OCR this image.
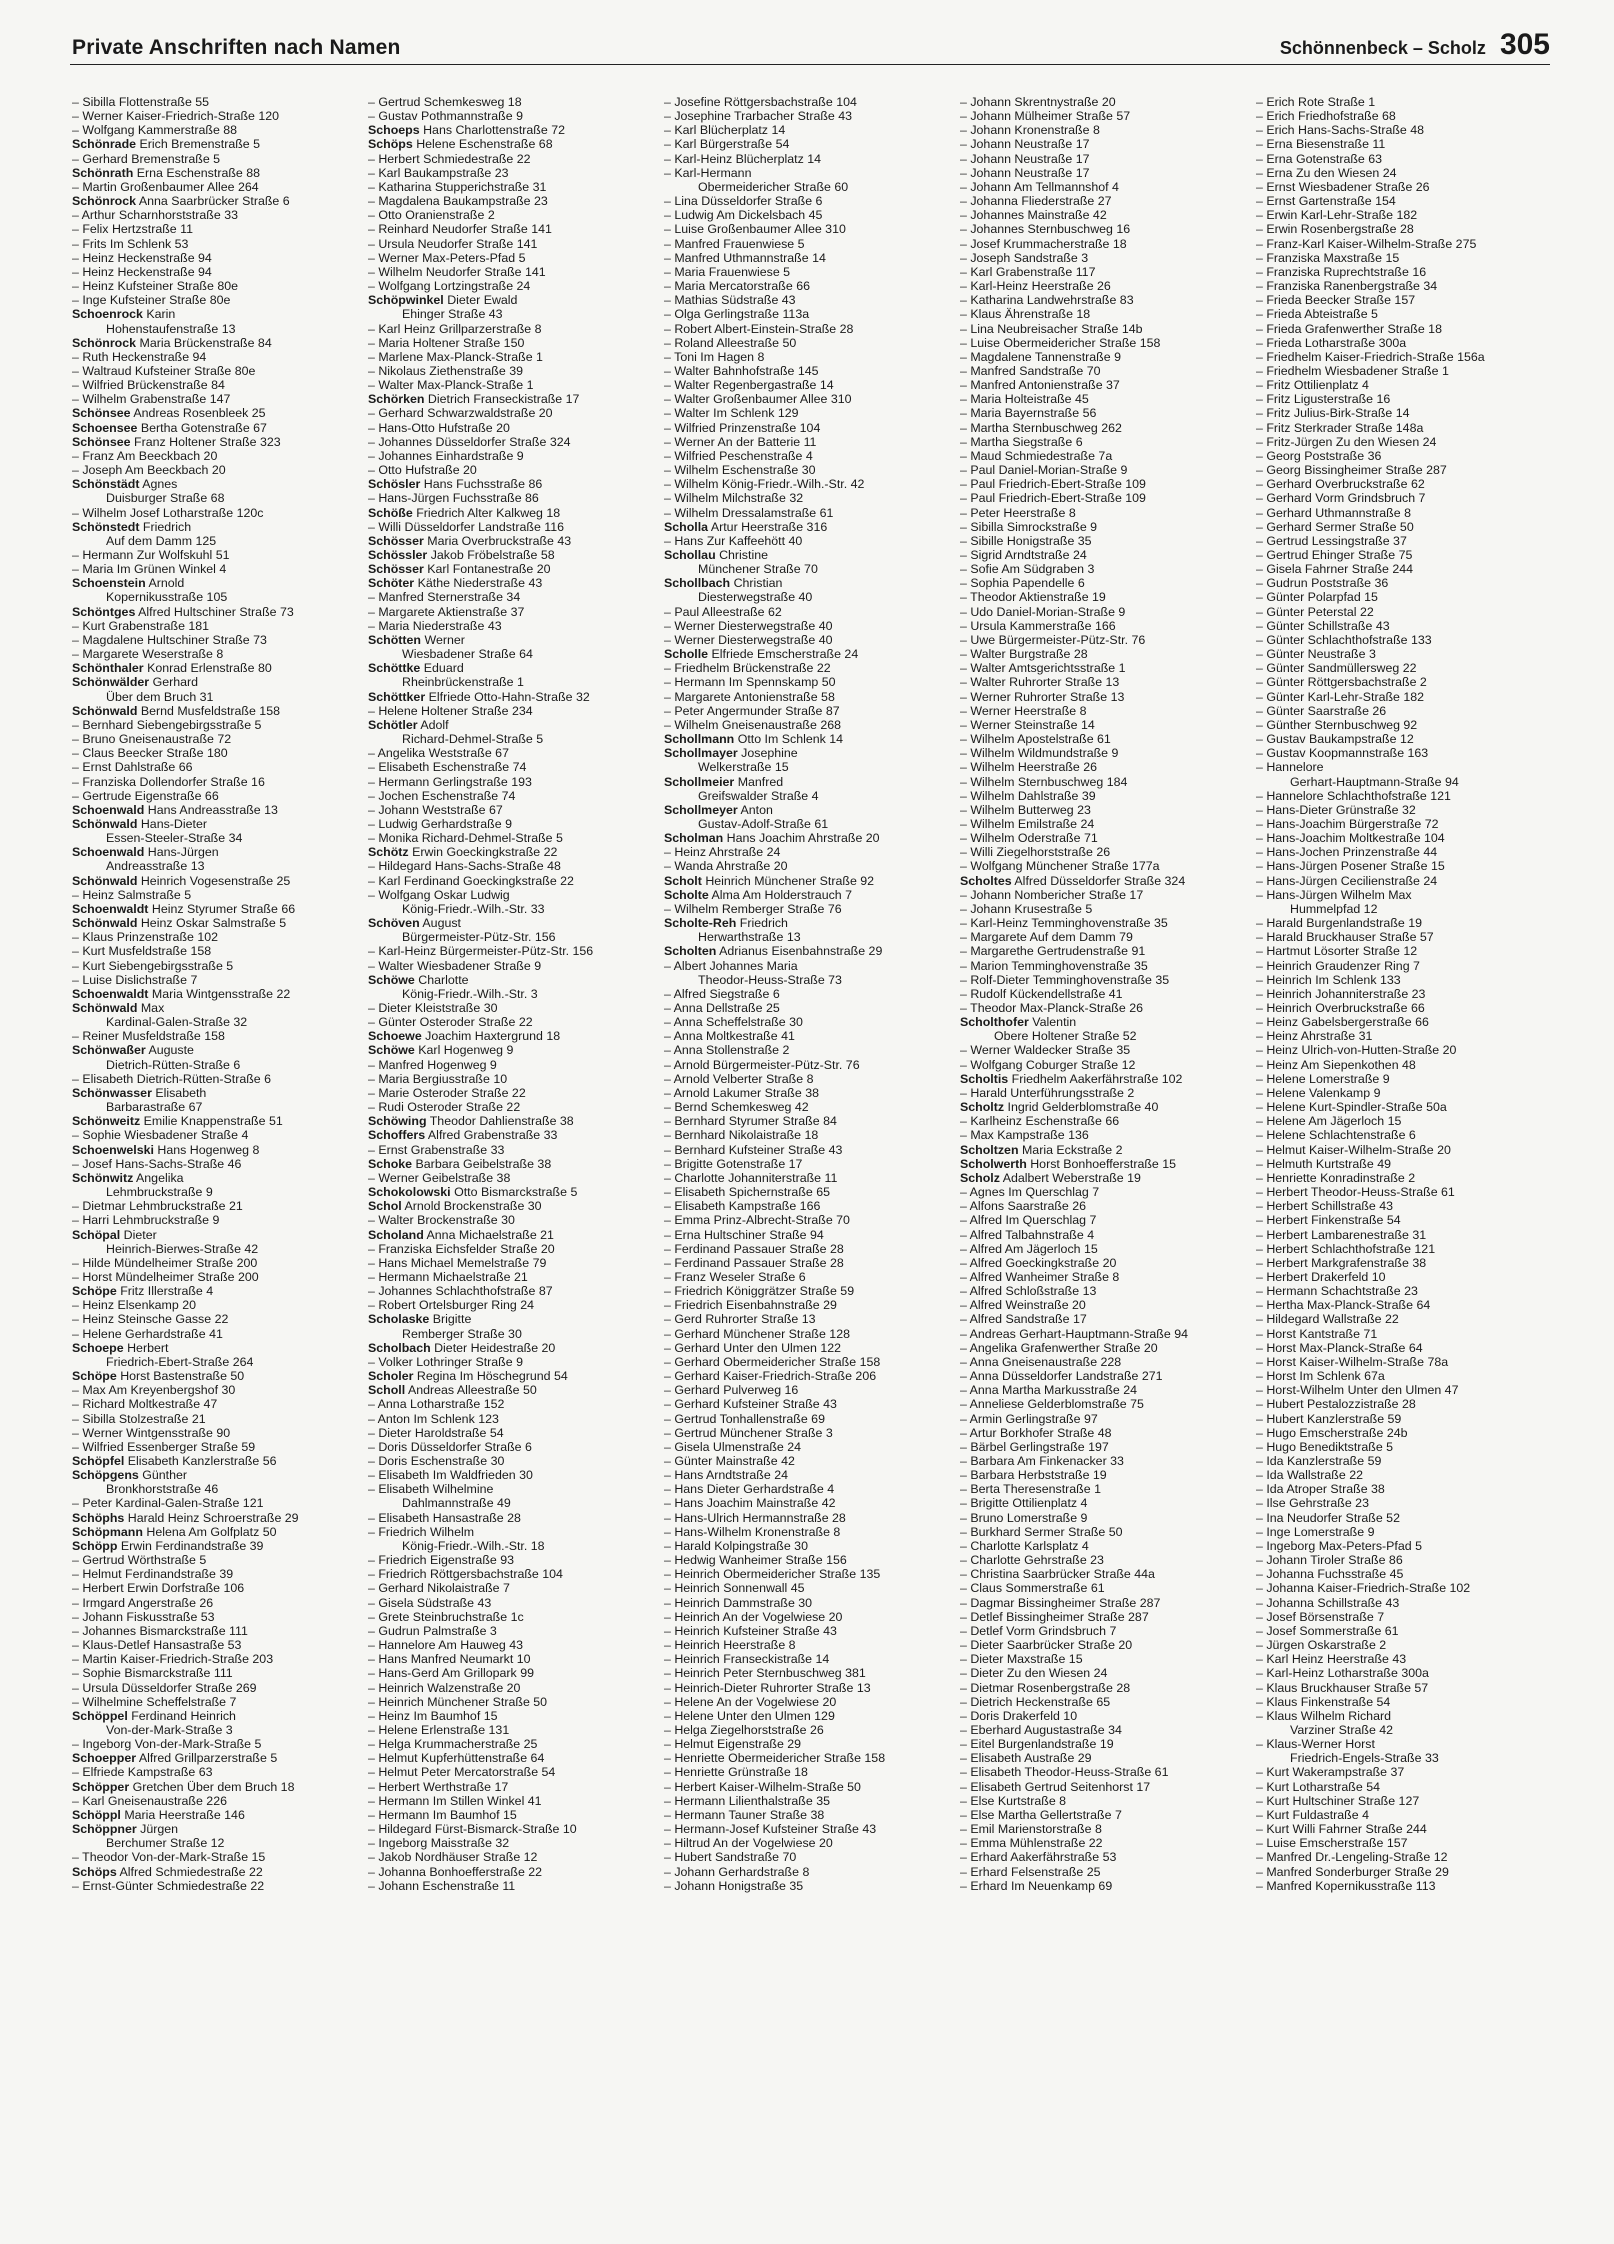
Private Anschriften nach Namen	Schönnenbeck – Scholz 305
– Sibilla Flottenstraße 55
– Werner Kaiser-Friedrich-Straße 120
– Wolfgang Kammerstraße 88
Schönrade Erich Bremenstraße 5
– Gerhard Bremenstraße 5
Schönrath Erna Eschenstraße 88
– Martin Großenbaumer Allee 264
Schönrock Anna Saarbrücker Straße 6
– Arthur Scharnhorststraße 33
– Felix Hertzstraße 11
– Frits Im Schlenk 53
– Heinz Heckenstraße 94
– Heinz Heckenstraße 94
– Heinz Kufsteiner Straße 80e
– Inge Kufsteiner Straße 80e
Schoenrock Karin
Hohenstaufenstraße 13
Schönrock Maria Brückenstraße 84
– Ruth Heckenstraße 94
– Waltraud Kufsteiner Straße 80e
– Wilfried Brückenstraße 84
– Wilhelm Grabenstraße 147
Schönsee Andreas Rosenbleek 25
Schoensee Bertha Gotenstraße 67
Schönsee Franz Holtener Straße 323
– Franz Am Beeckbach 20
– Joseph Am Beeckbach 20
Schönstädt Agnes
Duisburger Straße 68
– Wilhelm Josef Lotharstraße 120c
Schönstedt Friedrich
Auf dem Damm 125
– Hermann Zur Wolfskuhl 51
– Maria Im Grünen Winkel 4
Schoenstein Arnold
Kopernikusstraße 105
Schöntges Alfred Hultschiner Straße 73
– Kurt Grabenstraße 181
– Magdalene Hultschiner Straße 73
– Margarete Weserstraße 8
Schönthaler Konrad Erlenstraße 80
Schönwälder Gerhard
Über dem Bruch 31
Schönwald Bernd Musfeldstraße 158
– Bernhard Siebengebirgsstraße 5
– Bruno Gneisenaustraße 72
– Claus Beecker Straße 180
– Ernst Dahlstraße 66
– Franziska Dollendorfer Straße 16
– Gertrude Eigenstraße 66
Schoenwald Hans Andreasstraße 13
Schönwald Hans-Dieter
Essen-Steeler-Straße 34
Schoenwald Hans-Jürgen
Andreasstraße 13
Schönwald Heinrich Vogesenstraße 25
– Heinz Salmstraße 5
Schoenwaldt Heinz Styrumer Straße 66
Schönwald Heinz Oskar Salmstraße 5
– Klaus Prinzenstraße 102
– Kurt Musfeldstraße 158
– Kurt Siebengebirgsstraße 5
– Luise Dislichstraße 7
Schoenwaldt Maria Wintgensstraße 22
Schönwald Max
Kardinal-Galen-Straße 32
– Reiner Musfeldstraße 158
Schönwaßer Auguste
Dietrich-Rütten-Straße 6
– Elisabeth Dietrich-Rütten-Straße 6
Schönwasser Elisabeth
Barbarastraße 67
Schönweitz Emilie Knappenstraße 51
– Sophie Wiesbadener Straße 4
Schoenwelski Hans Hogenweg 8
– Josef Hans-Sachs-Straße 46
Schönwitz Angelika
Lehmbruckstraße 9
– Dietmar Lehmbruckstraße 21
– Harri Lehmbruckstraße 9
Schöpal Dieter
Heinrich-Bierwes-Straße 42
– Hilde Mündelheimer Straße 200
– Horst Mündelheimer Straße 200
Schöpe Fritz Illerstraße 4
– Heinz Elsenkamp 20
– Heinz Steinsche Gasse 22
– Helene Gerhardstraße 41
Schoepe Herbert
Friedrich-Ebert-Straße 264
Schöpe Horst Bastenstraße 50
– Max Am Kreyenbergshof 30
– Richard Moltkestraße 47
– Sibilla Stolzestraße 21
– Werner Wintgensstraße 90
– Wilfried Essenberger Straße 59
Schöpfel Elisabeth Kanzlerstraße 56
Schöpgens Günther
Bronkhorststraße 46
– Peter Kardinal-Galen-Straße 121
Schöphs Harald Heinz Schroerstraße 29
Schöpmann Helena Am Golfplatz 50
Schöpp Erwin Ferdinandstraße 39
– Gertrud Wörthstraße 5
– Helmut Ferdinandstraße 39
– Herbert Erwin Dorfstraße 106
– Irmgard Angerstraße 26
– Johann Fiskusstraße 53
– Johannes Bismarckstraße 111
– Klaus-Detlef Hansastraße 53
– Martin Kaiser-Friedrich-Straße 203
– Sophie Bismarckstraße 111
– Ursula Düsseldorfer Straße 269
– Wilhelmine Scheffelstraße 7
Schöppel Ferdinand Heinrich
Von-der-Mark-Straße 3
– Ingeborg Von-der-Mark-Straße 5
Schoepper Alfred Grillparzerstraße 5
– Elfriede Kampstraße 63
Schöpper Gretchen Über dem Bruch 18
– Karl Gneisenaustraße 226
Schöppl Maria Heerstraße 146
Schöppner Jürgen
Berchumer Straße 12
– Theodor Von-der-Mark-Straße 15
Schöps Alfred Schmiedestraße 22
– Ernst-Günter Schmiedestraße 22
– Gertrud Schemkesweg 18
– Gustav Pothmannstraße 9
Schoeps Hans Charlottenstraße 72
Schöps Helene Eschenstraße 68
– Herbert Schmiedestraße 22
– Karl Baukampstraße 23
– Katharina Stupperichstraße 31
– Magdalena Baukampstraße 23
– Otto Oranienstraße 2
– Reinhard Neudorfer Straße 141
– Ursula Neudorfer Straße 141
– Werner Max-Peters-Pfad 5
– Wilhelm Neudorfer Straße 141
– Wolfgang Lortzingstraße 24
Schöpwinkel Dieter Ewald
Ehinger Straße 43
– Karl Heinz Grillparzerstraße 8
– Maria Holtener Straße 150
– Marlene Max-Planck-Straße 1
– Nikolaus Ziethenstraße 39
– Walter Max-Planck-Straße 1
Schörken Dietrich Franseckistraße 17
– Gerhard Schwarzwaldstraße 20
– Hans-Otto Hufstraße 20
– Johannes Düsseldorfer Straße 324
– Johannes Einhardstraße 9
– Otto Hufstraße 20
Schösler Hans Fuchsstraße 86
– Hans-Jürgen Fuchsstraße 86
Schöße Friedrich Alter Kalkweg 18
– Willi Düsseldorfer Landstraße 116
Schösser Maria Overbruckstraße 43
Schössler Jakob Fröbelstraße 58
Schösser Karl Fontanestraße 20
Schöter Käthe Niederstraße 43
– Manfred Sternerstraße 34
– Margarete Aktienstraße 37
– Maria Niederstraße 43
Schötten Werner
Wiesbadener Straße 64
Schöttke Eduard
Rheinbrückenstraße 1
Schöttker Elfriede Otto-Hahn-Straße 32
– Helene Holtener Straße 234
Schötler Adolf
Richard-Dehmel-Straße 5
– Angelika Weststraße 67
– Elisabeth Eschenstraße 74
– Hermann Gerlingstraße 193
– Jochen Eschenstraße 74
– Johann Weststraße 67
– Ludwig Gerhardstraße 9
– Monika Richard-Dehmel-Straße 5
Schötz Erwin Goeckingkstraße 22
– Hildegard Hans-Sachs-Straße 48
– Karl Ferdinand Goeckingkstraße 22
– Wolfgang Oskar Ludwig
König-Friedr.-Wilh.-Str. 33
Schöven August
Bürgermeister-Pütz-Str. 156
– Karl-Heinz Bürgermeister-Pütz-Str. 156
– Walter Wiesbadener Straße 9
Schöwe Charlotte
König-Friedr.-Wilh.-Str. 3
– Dieter Kleiststraße 30
– Günter Osteroder Straße 22
Schoewe Joachim Haxtergrund 18
Schöwe Karl Hogenweg 9
– Manfred Hogenweg 9
– Maria Bergiusstraße 10
– Marie Osteroder Straße 22
– Rudi Osteroder Straße 22
Schöwing Theodor Dahlienstraße 38
Schoffers Alfred Grabenstraße 33
– Ernst Grabenstraße 33
Schoke Barbara Geibelstraße 38
– Werner Geibelstraße 38
Schokolowski Otto Bismarckstraße 5
Schol Arnold Brockenstraße 30
– Walter Brockenstraße 30
Scholand Anna Michaelstraße 21
– Franziska Eichsfelder Straße 20
– Hans Michael Memelstraße 79
– Hermann Michaelstraße 21
– Johannes Schlachthofstraße 87
– Robert Ortelsburger Ring 24
Scholaske Brigitte
Remberger Straße 30
Scholbach Dieter Heidestraße 20
– Volker Lothringer Straße 9
Scholer Regina Im Höschegrund 54
Scholl Andreas Alleestraße 50
– Anna Lotharstraße 152
– Anton Im Schlenk 123
– Dieter Haroldstraße 54
– Doris Düsseldorfer Straße 6
– Doris Eschenstraße 30
– Elisabeth Im Waldfrieden 30
– Elisabeth Wilhelmine
Dahlmannstraße 49
– Elisabeth Hansastraße 28
– Friedrich Wilhelm
König-Friedr.-Wilh.-Str. 18
– Friedrich Eigenstraße 93
– Friedrich Röttgersbachstraße 104
– Gerhard Nikolaistraße 7
– Gisela Südstraße 43
– Grete Steinbruchstraße 1c
– Gudrun Palmstraße 3
– Hannelore Am Hauweg 43
– Hans Manfred Neumarkt 10
– Hans-Gerd Am Grillopark 99
– Heinrich Walzenstraße 20
– Heinrich Münchener Straße 50
– Heinz Im Baumhof 15
– Helene Erlenstraße 131
– Helga Krummacherstraße 25
– Helmut Kupferhüttenstraße 64
– Helmut Peter Mercatorstraße 54
– Herbert Werthstraße 17
– Hermann Im Stillen Winkel 41
– Hermann Im Baumhof 15
– Hildegard Fürst-Bismarck-Straße 10
– Ingeborg Maisstraße 32
– Jakob Nordhäuser Straße 12
– Johanna Bonhoefferstraße 22
– Johann Eschenstraße 11
– Josefine Röttgersbachstraße 104
– Josephine Trarbacher Straße 43
– Karl Blücherplatz 14
– Karl Bürgerstraße 54
– Karl-Heinz Blücherplatz 14
– Karl-Hermann
Obermeidericher Straße 60
– Lina Düsseldorfer Straße 6
– Ludwig Am Dickelsbach 45
– Luise Großenbaumer Allee 310
– Manfred Frauenwiese 5
– Manfred Uthmannstraße 14
– Maria Frauenwiese 5
– Maria Mercatorstraße 66
– Mathias Südstraße 43
– Olga Gerlingstraße 113a
– Robert Albert-Einstein-Straße 28
– Roland Alleestraße 50
– Toni Im Hagen 8
– Walter Bahnhofstraße 145
– Walter Regenbergastraße 14
– Walter Großenbaumer Allee 310
– Walter Im Schlenk 129
– Wilfried Prinzenstraße 104
– Werner An der Batterie 11
– Wilfried Peschenstraße 4
– Wilhelm Eschenstraße 30
– Wilhelm König-Friedr.-Wilh.-Str. 42
– Wilhelm Milchstraße 32
– Wilhelm Dressalamstraße 61
Scholla Artur Heerstraße 316
– Hans Zur Kaffeehött 40
Schollau Christine
Münchener Straße 70
Schollbach Christian
Diesterwegstraße 40
– Paul Alleestraße 62
– Werner Diesterwegstraße 40
– Werner Diesterwegstraße 40
Scholle Elfriede Emscherstraße 24
– Friedhelm Brückenstraße 22
– Hermann Im Spennskamp 50
– Margarete Antonienstraße 58
– Peter Angermunder Straße 87
– Wilhelm Gneisenaustraße 268
Schollmann Otto Im Schlenk 14
Schollmayer Josephine
Welkerstraße 15
Schollmeier Manfred
Greifswalder Straße 4
Schollmeyer Anton
Gustav-Adolf-Straße 61
Scholman Hans Joachim Ahrstraße 20
– Heinz Ahrstraße 24
– Wanda Ahrstraße 20
Scholt Heinrich Münchener Straße 92
Scholte Alma Am Holderstrauch 7
– Wilhelm Remberger Straße 76
Scholte-Reh Friedrich
Herwarthstraße 13
Scholten Adrianus Eisenbahnstraße 29
– Albert Johannes Maria
Theodor-Heuss-Straße 73
– Alfred Siegstraße 6
– Anna Dellstraße 25
– Anna Scheffelstraße 30
– Anna Moltkestraße 41
– Anna Stollenstraße 2
– Arnold Bürgermeister-Pütz-Str. 76
– Arnold Velberter Straße 8
– Arnold Lakumer Straße 38
– Bernd Schemkesweg 42
– Bernhard Styrumer Straße 84
– Bernhard Nikolaistraße 18
– Bernhard Kufsteiner Straße 43
– Brigitte Gotenstraße 17
– Charlotte Johanniterstraße 11
– Elisabeth Spichernstraße 65
– Elisabeth Kampstraße 166
– Emma Prinz-Albrecht-Straße 70
– Erna Hultschiner Straße 94
– Ferdinand Passauer Straße 28
– Ferdinand Passauer Straße 28
– Franz Weseler Straße 6
– Friedrich Königgrätzer Straße 59
– Friedrich Eisenbahnstraße 29
– Gerd Ruhrorter Straße 13
– Gerhard Münchener Straße 128
– Gerhard Unter den Ulmen 122
– Gerhard Obermeidericher Straße 158
– Gerhard Kaiser-Friedrich-Straße 206
– Gerhard Pulverweg 16
– Gerhard Kufsteiner Straße 43
– Gertrud Tonhallenstraße 69
– Gertrud Münchener Straße 3
– Gisela Ulmenstraße 24
– Günter Mainstraße 42
– Hans Arndtstraße 24
– Hans Dieter Gerhardstraße 4
– Hans Joachim Mainstraße 42
– Hans-Ulrich Hermannstraße 28
– Hans-Wilhelm Kronenstraße 8
– Harald Kolpingstraße 30
– Hedwig Wanheimer Straße 156
– Heinrich Obermeidericher Straße 135
– Heinrich Sonnenwall 45
– Heinrich Dammstraße 30
– Heinrich An der Vogelwiese 20
– Heinrich Kufsteiner Straße 43
– Heinrich Heerstraße 8
– Heinrich Franseckistraße 14
– Heinrich Peter Sternbuschweg 381
– Heinrich-Dieter Ruhrorter Straße 13
– Helene An der Vogelwiese 20
– Helene Unter den Ulmen 129
– Helga Ziegelhorststraße 26
– Helmut Eigenstraße 29
– Henriette Obermeidericher Straße 158
– Henriette Grünstraße 18
– Herbert Kaiser-Wilhelm-Straße 50
– Hermann Lilienthalstraße 35
– Hermann Tauner Straße 38
– Hermann-Josef Kufsteiner Straße 43
– Hiltrud An der Vogelwiese 20
– Hubert Sandstraße 70
– Johann Gerhardstraße 8
– Johann Honigstraße 35
– Johann Skrentnystraße 20
– Johann Mülheimer Straße 57
– Johann Kronenstraße 8
– Johann Neustraße 17
– Johann Neustraße 17
– Johann Neustraße 17
– Johann Am Tellmannshof 4
– Johanna Fliederstraße 27
– Johannes Mainstraße 42
– Johannes Sternbuschweg 16
– Josef Krummacherstraße 18
– Joseph Sandstraße 3
– Karl Grabenstraße 117
– Karl-Heinz Heerstraße 26
– Katharina Landwehrstraße 83
– Klaus Ährenstraße 18
– Lina Neubreisacher Straße 14b
– Luise Obermeidericher Straße 158
– Magdalene Tannenstraße 9
– Manfred Sandstraße 70
– Manfred Antonienstraße 37
– Maria Holteistraße 45
– Maria Bayernstraße 56
– Martha Sternbuschweg 262
– Martha Siegstraße 6
– Maud Schmiedestraße 7a
– Paul Daniel-Morian-Straße 9
– Paul Friedrich-Ebert-Straße 109
– Paul Friedrich-Ebert-Straße 109
– Peter Heerstraße 8
– Sibilla Simrockstraße 9
– Sibille Honigstraße 35
– Sigrid Arndtstraße 24
– Sofie Am Südgraben 3
– Sophia Papendelle 6
– Theodor Aktienstraße 19
– Udo Daniel-Morian-Straße 9
– Ursula Kammerstraße 166
– Uwe Bürgermeister-Pütz-Str. 76
– Walter Burgstraße 28
– Walter Amtsgerichtsstraße 1
– Walter Ruhrorter Straße 13
– Werner Ruhrorter Straße 13
– Werner Heerstraße 8
– Werner Steinstraße 14
– Wilhelm Apostelstraße 61
– Wilhelm Wildmundstraße 9
– Wilhelm Heerstraße 26
– Wilhelm Sternbuschweg 184
– Wilhelm Dahlstraße 39
– Wilhelm Butterweg 23
– Wilhelm Emilstraße 24
– Wilhelm Oderstraße 71
– Willi Ziegelhorststraße 26
– Wolfgang Münchener Straße 177a
Scholtes Alfred Düsseldorfer Straße 324
– Johann Nombericher Straße 17
– Johann Krusestraße 5
– Karl-Heinz Temminghovenstraße 35
– Margarete Auf dem Damm 79
– Margarethe Gertrudenstraße 91
– Marion Temminghovenstraße 35
– Rolf-Dieter Temminghovenstraße 35
– Rudolf Kückendellstraße 41
– Theodor Max-Planck-Straße 26
Scholthofer Valentin
Obere Holtener Straße 52
– Werner Waldecker Straße 35
– Wolfgang Coburger Straße 12
Scholtis Friedhelm Aakerfährstraße 102
– Harald Unterführungsstraße 2
Scholtz Ingrid Gelderblomstraße 40
– Karlheinz Eschenstraße 66
– Max Kampstraße 136
Scholtzen Maria Eckstraße 2
Scholwerth Horst Bonhoefferstraße 15
Scholz Adalbert Weberstraße 19
– Agnes Im Querschlag 7
– Alfons Saarstraße 26
– Alfred Im Querschlag 7
– Alfred Talbahnstraße 4
– Alfred Am Jägerloch 15
– Alfred Goeckingkstraße 20
– Alfred Wanheimer Straße 8
– Alfred Schloßstraße 13
– Alfred Weinstraße 20
– Alfred Sandstraße 17
– Andreas Gerhart-Hauptmann-Straße 94
– Angelika Grafenwerther Straße 20
– Anna Gneisenaustraße 228
– Anna Düsseldorfer Landstraße 271
– Anna Martha Markusstraße 24
– Anneliese Gelderblomstraße 75
– Armin Gerlingstraße 97
– Artur Borkhofer Straße 48
– Bärbel Gerlingstraße 197
– Barbara Am Finkenacker 33
– Barbara Herbststraße 19
– Berta Theresenstraße 1
– Brigitte Ottilienplatz 4
– Bruno Lomerstraße 9
– Burkhard Sermer Straße 50
– Charlotte Karlsplatz 4
– Charlotte Gehrstraße 23
– Christina Saarbrücker Straße 44a
– Claus Sommerstraße 61
– Dagmar Bissingheimer Straße 287
– Detlef Bissingheimer Straße 287
– Detlef Vorm Grindsbruch 7
– Dieter Saarbrücker Straße 20
– Dieter Maxstraße 15
– Dieter Zu den Wiesen 24
– Dietmar Rosenbergstraße 28
– Dietrich Heckenstraße 65
– Doris Drakerfeld 10
– Eberhard Augustastraße 34
– Eitel Burgenlandstraße 19
– Elisabeth Austraße 29
– Elisabeth Theodor-Heuss-Straße 61
– Elisabeth Gertrud Seitenhorst 17
– Else Kurtstraße 8
– Else Martha Gellertstraße 7
– Emil Marienstorstraße 8
– Emma Mühlenstraße 22
– Erhard Aakerfährstraße 53
– Erhard Felsenstraße 25
– Erhard Im Neuenkamp 69
– Erich Rote Straße 1
– Erich Friedhofstraße 68
– Erich Hans-Sachs-Straße 48
– Erna Biesenstraße 11
– Erna Gotenstraße 63
– Erna Zu den Wiesen 24
– Ernst Wiesbadener Straße 26
– Ernst Gartenstraße 154
– Erwin Karl-Lehr-Straße 182
– Erwin Rosenbergstraße 28
– Franz-Karl Kaiser-Wilhelm-Straße 275
– Franziska Maxstraße 15
– Franziska Ruprechtstraße 16
– Franziska Ranenbergstraße 34
– Frieda Beecker Straße 157
– Frieda Abteistraße 5
– Frieda Grafenwerther Straße 18
– Frieda Lotharstraße 300a
– Friedhelm Kaiser-Friedrich-Straße 156a
– Friedhelm Wiesbadener Straße 1
– Fritz Ottilienplatz 4
– Fritz Ligusterstraße 16
– Fritz Julius-Birk-Straße 14
– Fritz Sterkrader Straße 148a
– Fritz-Jürgen Zu den Wiesen 24
– Georg Poststraße 36
– Georg Bissingheimer Straße 287
– Gerhard Overbruckstraße 62
– Gerhard Vorm Grindsbruch 7
– Gerhard Uthmannstraße 8
– Gerhard Sermer Straße 50
– Gertrud Lessingstraße 37
– Gertrud Ehinger Straße 75
– Gisela Fahrner Straße 244
– Gudrun Poststraße 36
– Günter Polarpfad 15
– Günter Peterstal 22
– Günter Schillstraße 43
– Günter Schlachthofstraße 133
– Günter Neustraße 3
– Günter Sandmüllersweg 22
– Günter Röttgersbachstraße 2
– Günter Karl-Lehr-Straße 182
– Günter Saarstraße 26
– Günther Sternbuschweg 92
– Gustav Baukampstraße 12
– Gustav Koopmannstraße 163
– Hannelore
Gerhart-Hauptmann-Straße 94
– Hannelore Schlachthofstraße 121
– Hans-Dieter Grünstraße 32
– Hans-Joachim Bürgerstraße 72
– Hans-Joachim Moltkestraße 104
– Hans-Jochen Prinzenstraße 44
– Hans-Jürgen Posener Straße 15
– Hans-Jürgen Cecilienstraße 24
– Hans-Jürgen Wilhelm Max
Hummelpfad 12
– Harald Burgenlandstraße 19
– Harald Bruckhauser Straße 57
– Hartmut Lösorter Straße 12
– Heinrich Graudenzer Ring 7
– Heinrich Im Schlenk 133
– Heinrich Johanniterstraße 23
– Heinrich Overbruckstraße 66
– Heinz Gabelsbergerstraße 66
– Heinz Ahrstraße 31
– Heinz Ulrich-von-Hutten-Straße 20
– Heinz Am Siepenkothen 48
– Helene Lomerstraße 9
– Helene Valenkamp 9
– Helene Kurt-Spindler-Straße 50a
– Helene Am Jägerloch 15
– Helene Schlachtenstraße 6
– Helmut Kaiser-Wilhelm-Straße 20
– Helmuth Kurtstraße 49
– Henriette Konradinstraße 2
– Herbert Theodor-Heuss-Straße 61
– Herbert Schillstraße 43
– Herbert Finkenstraße 54
– Herbert Lambarenestraße 31
– Herbert Schlachthofstraße 121
– Herbert Markgrafenstraße 38
– Herbert Drakerfeld 10
– Hermann Schachtstraße 23
– Hertha Max-Planck-Straße 64
– Hildegard Wallstraße 22
– Horst Kantstraße 71
– Horst Max-Planck-Straße 64
– Horst Kaiser-Wilhelm-Straße 78a
– Horst Im Schlenk 67a
– Horst-Wilhelm Unter den Ulmen 47
– Hubert Pestalozzistraße 28
– Hubert Kanzlerstraße 59
– Hugo Emscherstraße 24b
– Hugo Benediktstraße 5
– Ida Kanzlerstraße 59
– Ida Wallstraße 22
– Ida Atroper Straße 38
– Ilse Gehrstraße 23
– Ina Neudorfer Straße 52
– Inge Lomerstraße 9
– Ingeborg Max-Peters-Pfad 5
– Johann Tiroler Straße 86
– Johanna Fuchsstraße 45
– Johanna Kaiser-Friedrich-Straße 102
– Johanna Schillstraße 43
– Josef Börsenstraße 7
– Josef Sommerstraße 61
– Jürgen Oskarstraße 2
– Karl Heinz Heerstraße 43
– Karl-Heinz Lotharstraße 300a
– Klaus Bruckhauser Straße 57
– Klaus Finkenstraße 54
– Klaus Wilhelm Richard
Varziner Straße 42
– Klaus-Werner Horst
Friedrich-Engels-Straße 33
– Kurt Wakerampstraße 37
– Kurt Lotharstraße 54
– Kurt Hultschiner Straße 127
– Kurt Fuldastraße 4
– Kurt Willi Fahrner Straße 244
– Luise Emscherstraße 157
– Manfred Dr.-Lengeling-Straße 12
– Manfred Sonderburger Straße 29
– Manfred Kopernikusstraße 113
